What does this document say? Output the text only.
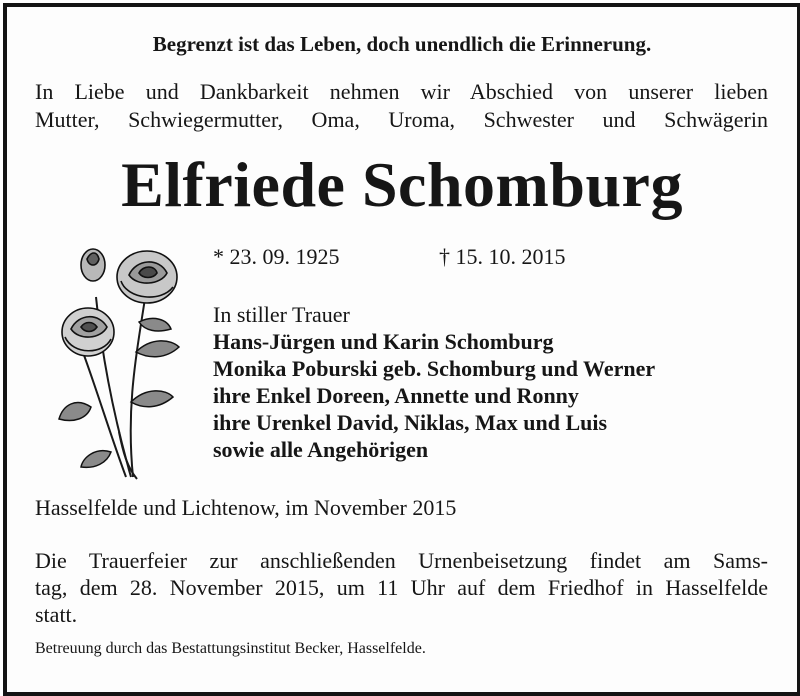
Begrenzt ist das Leben, doch unendlich die Erinnerung.
In Liebe und Dankbarkeit nehmen wir Abschied von unserer lieben
Mutter, Schwiegermutter, Oma, Uroma, Schwester und Schwägerin
Elfriede Schomburg
* 23. 09. 1925	† 15. 10. 2015
In stiller Trauer
Hans-Jürgen und Karin Schomburg
Monika Poburski geb. Schomburg und Werner
ihre Enkel Doreen, Annette und Ronny
ihre Urenkel David, Niklas, Max und Luis
sowie alle Angehörigen
Hasselfelde und Lichtenow, im November 2015
Die Trauerfeier zur anschließenden Urnenbeisetzung findet am Sams-
tag, dem 28. November 2015, um 11 Uhr auf dem Friedhof in Hasselfelde
statt.
Betreuung durch das Bestattungsinstitut Becker, Hasselfelde.
